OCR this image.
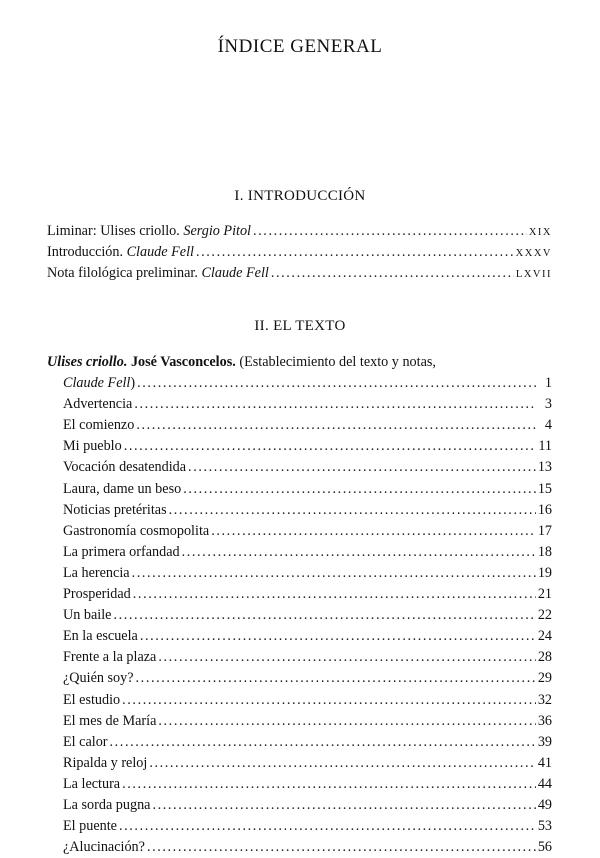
ÍNDICE GENERAL
I. INTRODUCCIÓN
Liminar: Ulises criollo. Sergio Pitol .....	XIX
Introducción. Claude Fell .....	XXXV
Nota filológica preliminar. Claude Fell .....	LXVII
II. EL TEXTO
Ulises criollo. José Vasconcelos. (Establecimiento del texto y notas,
Claude Fell) .....	1
Advertencia .....	3
El comienzo .....	4
Mi pueblo .....	11
Vocación desatendida .....	13
Laura, dame un beso .....	15
Noticias pretéritas .....	16
Gastronomía cosmopolita .....	17
La primera orfandad .....	18
La herencia .....	19
Prosperidad .....	21
Un baile .....	22
En la escuela .....	24
Frente a la plaza .....	28
¿Quién soy? .....	29
El estudio .....	32
El mes de María .....	36
El calor .....	39
Ripalda y reloj .....	41
La lectura .....	44
La sorda pugna .....	49
El puente .....	53
¿Alucinación? .....	56
